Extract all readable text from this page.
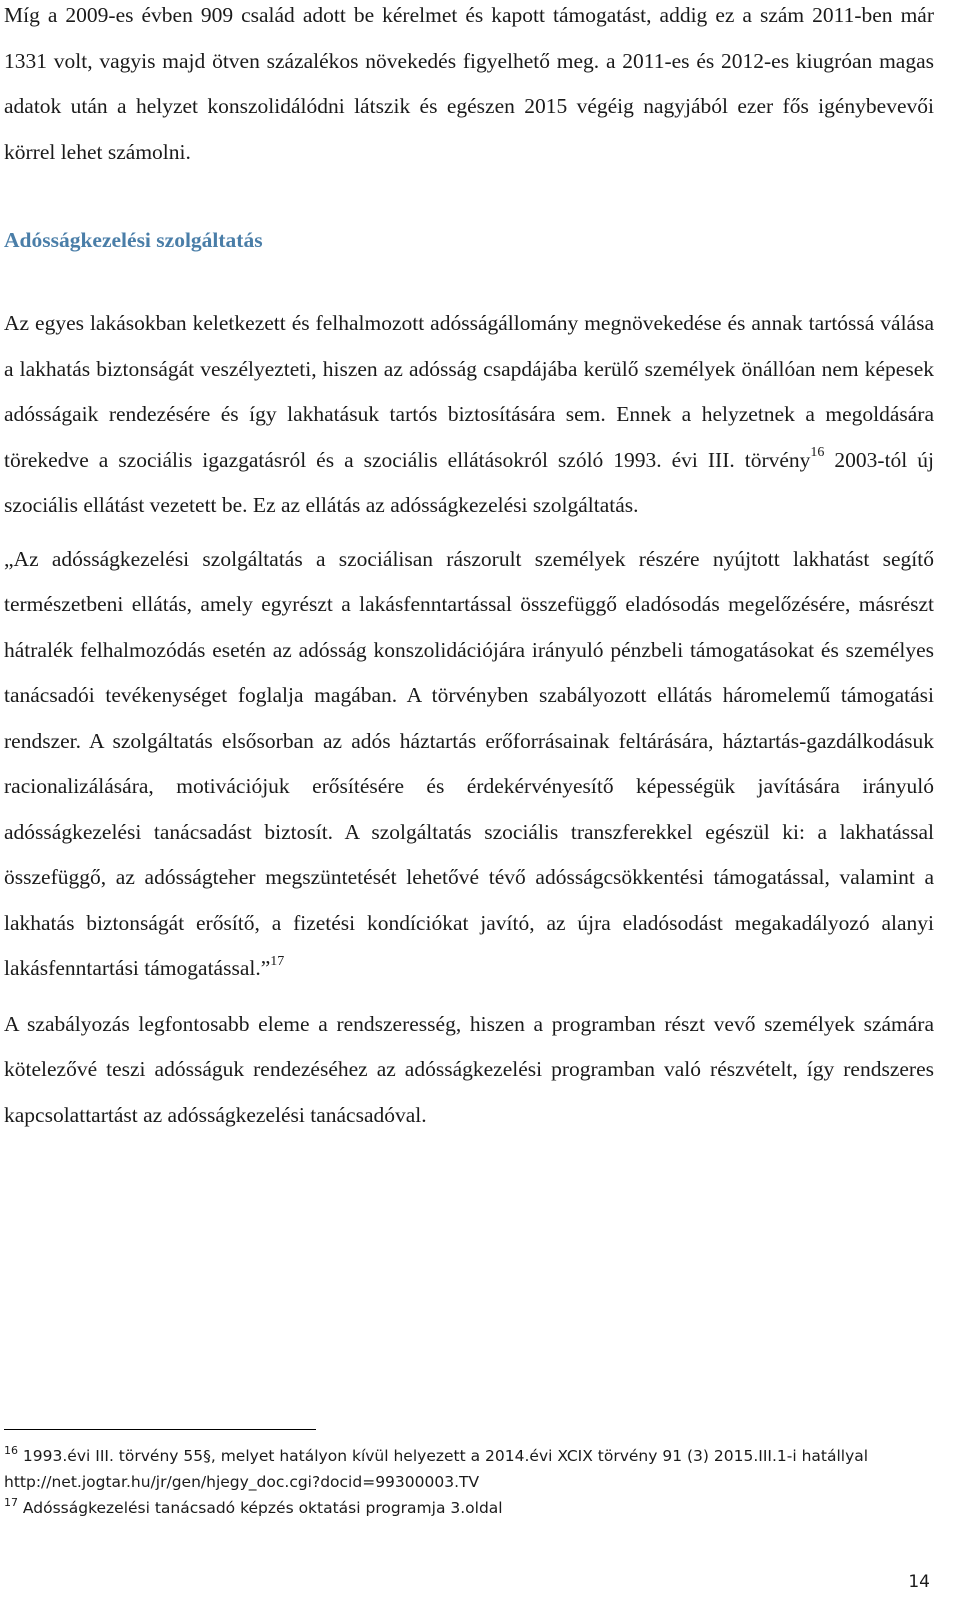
Míg a 2009-es évben 909 család adott be kérelmet és kapott támogatást, addig ez a szám 2011-ben már 1331 volt, vagyis majd ötven százalékos növekedés figyelhető meg. a 2011-es és 2012-es kiugróan magas adatok után a helyzet konszolidálódni látszik és egészen 2015 végéig nagyjából ezer fős igénybevevői körrel lehet számolni.

Adósságkezelési szolgáltatás

Az egyes lakásokban keletkezett és felhalmozott adósságállomány megnövekedése és annak tartóssá válása a lakhatás biztonságát veszélyezteti, hiszen az adósság csapdájába kerülő személyek önállóan nem képesek adósságaik rendezésére és így lakhatásuk tartós biztosítására sem. Ennek a helyzetnek a megoldására törekedve a szociális igazgatásról és a szociális ellátásokról szóló 1993. évi III. törvény$^{16}$ 2003-tól új szociális ellátást vezetett be. Ez az ellátás az adósságkezelési szolgáltatás.

„Az adósságkezelési szolgáltatás a szociálisan rászorult személyek részére nyújtott lakhatást segítő természetbeni ellátás, amely egyrészt a lakásfenntartással összefüggő eladósodás megelőzésére, másrészt hátralék felhalmozódás esetén az adósság konszolidációjára irányuló pénzbeli támogatásokat és személyes tanácsadói tevékenységet foglalja magában. A törvényben szabályozott ellátás háromelemű támogatási rendszer. A szolgáltatás elsősorban az adós háztartás erőforrásainak feltárására, háztartás-gazdálkodásuk racionalizálására, motivációjuk erősítésére és érdekérvényesítő képességük javítására irányuló adósságkezelési tanácsadást biztosít. A szolgáltatás szociális transzferekkel egészül ki: a lakhatással összefüggő, az adósságteher megszüntetését lehetővé tévő adósságcsökkentési támogatással, valamint a lakhatás biztonságát erősítő, a fizetési kondíciókat javító, az újra eladósodást megakadályozó alanyi lakásfenntartási támogatással.”$^{17}$

A szabályozás legfontosabb eleme a rendszeresség, hiszen a programban részt vevő személyek számára kötelezővé teszi adósságuk rendezéséhez az adósságkezelési programban való részvételt, így rendszeres kapcsolattartást az adósságkezelési tanácsadóval.

$^{16}$ 1993.évi III. törvény 55§, melyet hatályon kívül helyezett a 2014.évi XCIX törvény 91 (3) 2015.III.1-i hatállyal http://net.jogtar.hu/jr/gen/hjegy_doc.cgi?docid=99300003.TV

$^{17}$ Adósságkezelési tanácsadó képzés oktatási programja 3.oldal

14
